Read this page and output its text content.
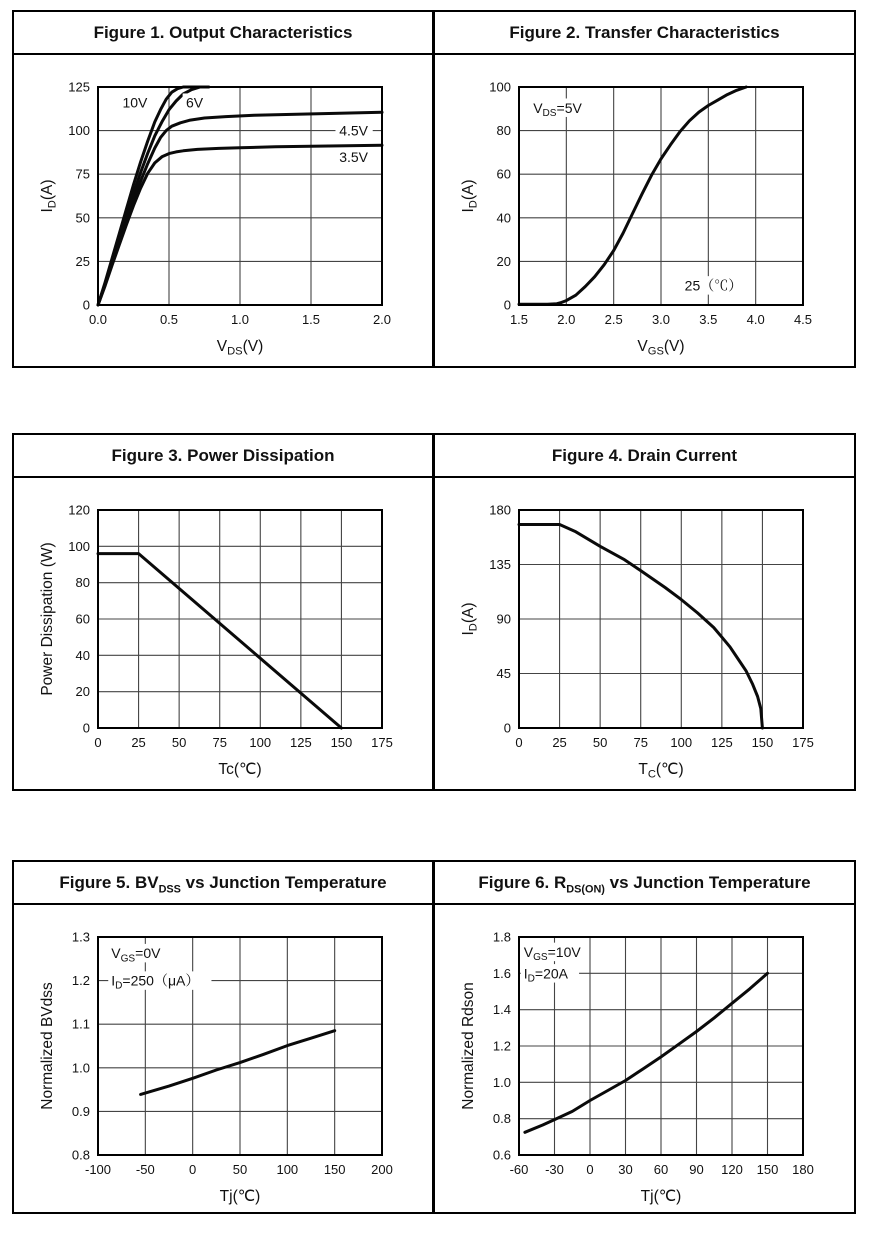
Figure 1. Output Characteristics
0.0	0.5	1.0	1.5	2.0
0
25
50
75
100
125
$V_{DS}(V)$
$I_D(A)$
10V	6V
4.5V
3.5V
Figure 2. Transfer Characteristics
1.5 2.0 2.5 3.0 3.5 4.0 4.5
0
20
40
60
80
100
$V_{GS}(V)$
$I_D(A)$
$V_{DS}=5V$
25（℃）
Figure 3. Power Dissipation
0 25 50 75 100 125 150 175
0
20
40
60
80
100
120
Tc(℃)
Power Dissipation (W)
Figure 4. Drain Current
0 25 50 75 100 125 150 175
0
45
90
135
180
$T_C(℃)$
$I_D(A)$
Figure 5. $BV_{DSS}$ vs Junction Temperature
-100 -50	0	50 100 150 200
0.8
0.9
1.0
1.1
1.2
1.3
Tj(℃)
Normalized BVdss
$V_{GS}=0V$
$I_D=250(\mu A)$
Figure 6. $R_{DS(ON)}$ vs Junction Temperature
-60 -30 0 30 60 90 120 150 180
0.6
0.8
1.0
1.2
1.4
1.6
1.8
Tj(℃)
Normalized Rdson
$V_{GS}=10V$
$I_D=20A$
